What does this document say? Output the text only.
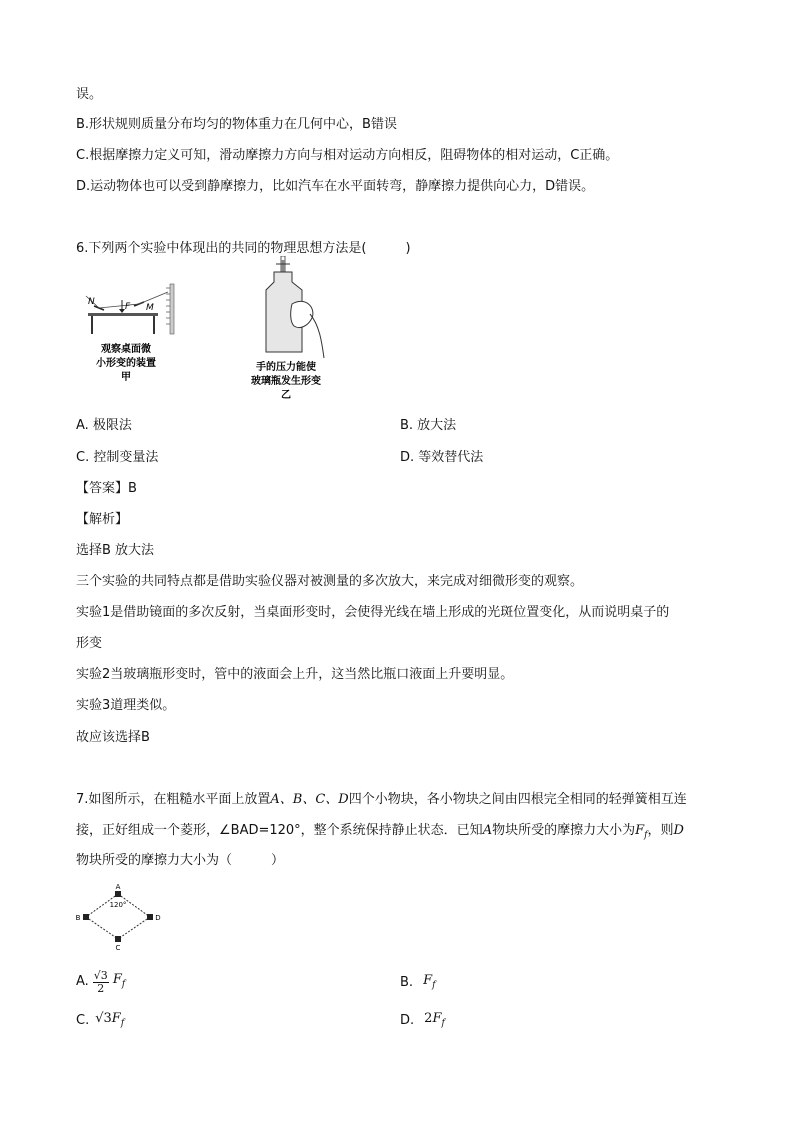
误。
B.形状规则质量分布均匀的物体重力在几何中心，B错误
C.根据摩擦力定义可知，滑动摩擦力方向与相对运动方向相反，阻碍物体的相对运动，C正确。
D.运动物体也可以受到静摩擦力，比如汽车在水平面转弯，静摩擦力提供向心力，D错误。
6.下列两个实验中体现出的共同的物理思想方法是(　　　)
N	F M
观察桌面微
小形变的装置
甲
手的压力能使
玻璃瓶发生形变
乙
A. 极限法	B. 放大法
C. 控制变量法	D. 等效替代法
【答案】B
【解析】
选择B 放大法
三个实验的共同特点都是借助实验仪器对被测量的多次放大，来完成对细微形变的观察。
实验1是借助镜面的多次反射，当桌面形变时，会使得光线在墙上形成的光斑位置变化，从而说明桌子的
形变
实验2当玻璃瓶形变时，管中的液面会上升，这当然比瓶口液面上升要明显。
实验3道理类似。
故应该选择B
7.如图所示，在粗糙水平面上放置A、B、C、D四个小物块，各小物块之间由四根完全相同的轻弹簧相互连
接，正好组成一个菱形，∠BAD=120°，整个系统保持静止状态．已知A物块所受的摩擦力大小为$F_f$，则D
物块所受的摩擦力大小为（　　　）
A
B	D
C
120°
A. $\frac{√3}{2} F_f$	B. $F_f$
C. $√3F_f$	D. $2F_f$
